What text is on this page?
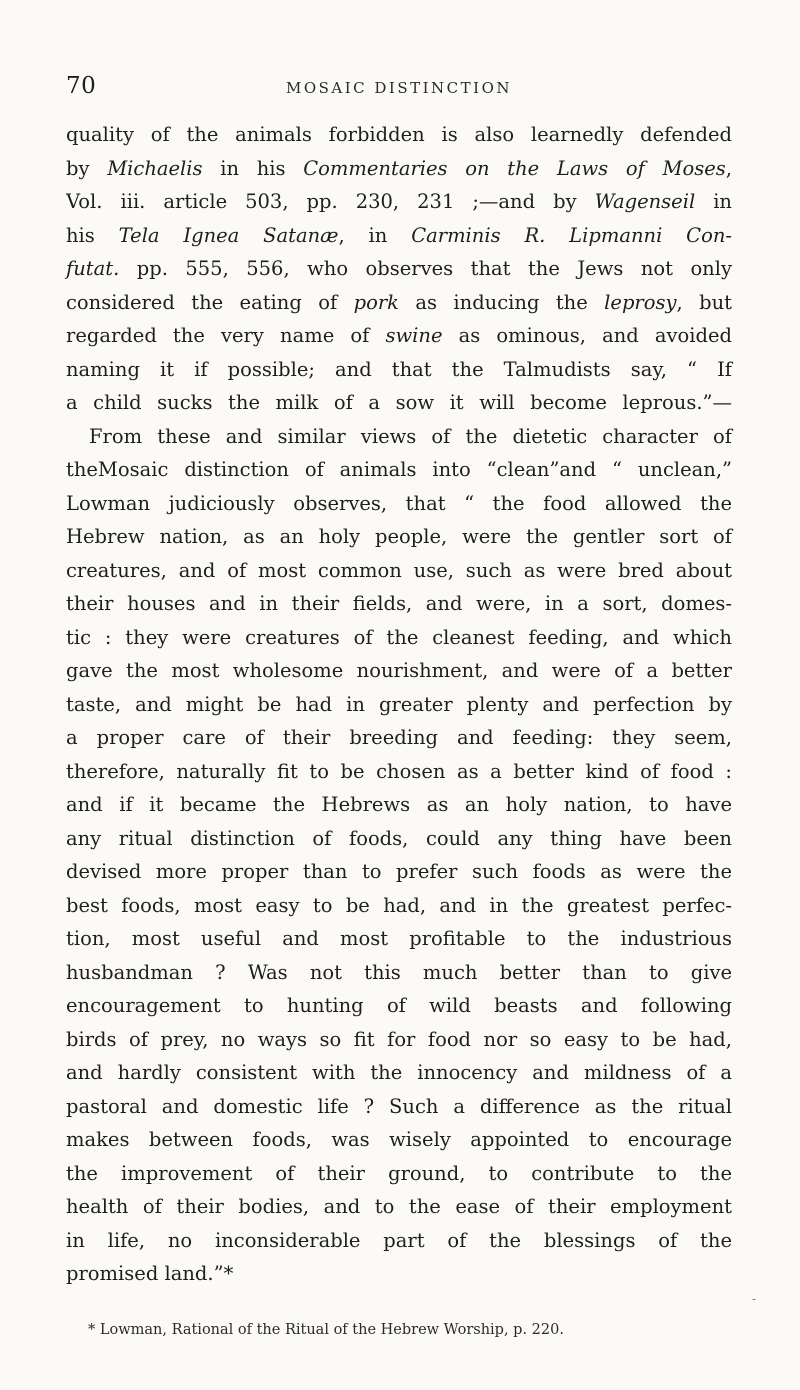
70	MOSAIC DISTINCTION
quality of the animals forbidden is also learnedly defended
by Michaelis in his Commentaries on the Laws of Moses,
Vol. iii. article 503, pp. 230, 231 ;—and by Wagenseil in
his Tela Ignea Satanæ, in Carminis R. Lipmanni Con-
futat. pp. 555, 556, who observes that the Jews not only
considered the eating of pork as inducing the leprosy, but
regarded the very name of swine as ominous, and avoided
naming it if possible; and that the Talmudists say, “ If
a child sucks the milk of a sow it will become leprous.”—
From these and similar views of the dietetic character of
theMosaic distinction of animals into “clean”and “ unclean,”
Lowman judiciously observes, that “ the food allowed the
Hebrew nation, as an holy people, were the gentler sort of
creatures, and of most common use, such as were bred about
their houses and in their fields, and were, in a sort, domes-
tic : they were creatures of the cleanest feeding, and which
gave the most wholesome nourishment, and were of a better
taste, and might be had in greater plenty and perfection by
a proper care of their breeding and feeding: they seem,
therefore, naturally fit to be chosen as a better kind of food :
and if it became the Hebrews as an holy nation, to have
any ritual distinction of foods, could any thing have been
devised more proper than to prefer such foods as were the
best foods, most easy to be had, and in the greatest perfec-
tion, most useful and most profitable to the industrious
husbandman ? Was not this much better than to give
encouragement to hunting of wild beasts and following
birds of prey, no ways so fit for food nor so easy to be had,
and hardly consistent with the innocency and mildness of a
pastoral and domestic life ? Such a difference as the ritual
makes between foods, was wisely appointed to encourage
the improvement of their ground, to contribute to the
health of their bodies, and to the ease of their employment
in life, no inconsiderable part of the blessings of the
promised land.”*
-
* Lowman, Rational of the Ritual of the Hebrew Worship, p. 220.
